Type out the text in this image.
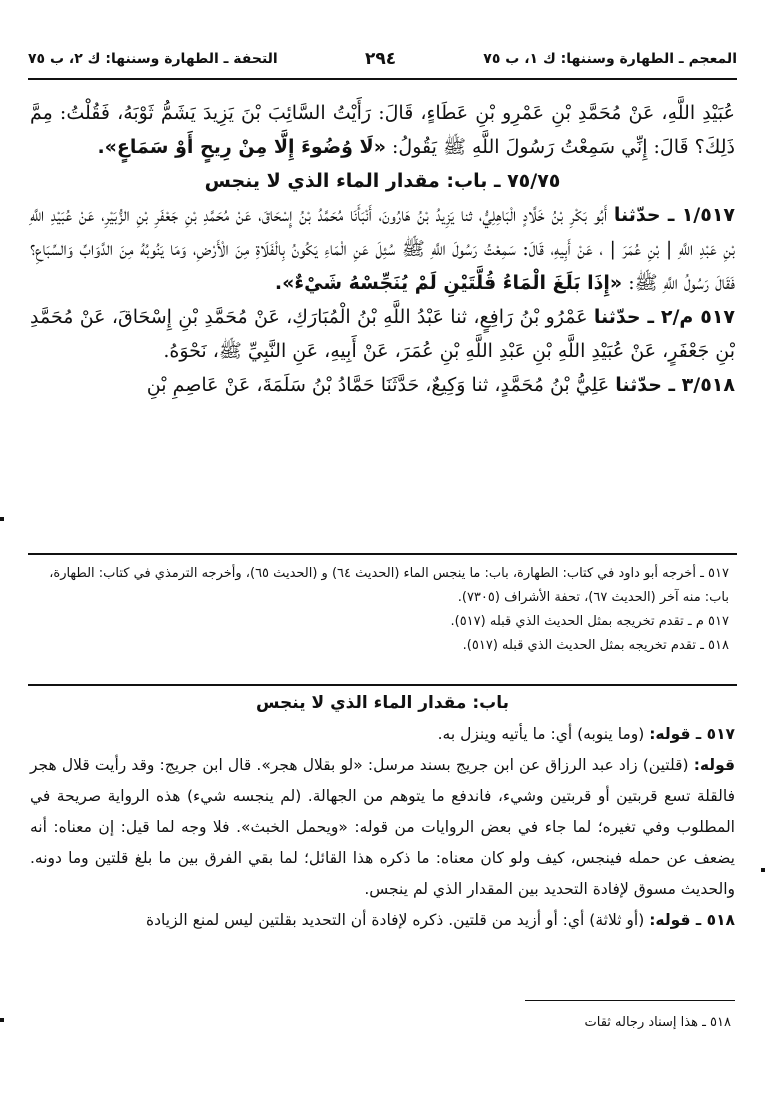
المعجم ـ الطهارة وسننها: ك ١، ب ٧٥
٢٩٤
التحفة ـ الطهارة وسننها: ك ٢، ب ٧٥

عُبَيْدِ اللَّهِ، عَنْ مُحَمَّدِ بْنِ عَمْرِو بْنِ عَطَاءٍ، قَالَ: رَأَيْتُ السَّائِبَ بْنَ يَزِيدَ يَشَمُّ ثَوْبَهُ، فَقُلْتُ: مِمَّ ذَلِكَ؟ قَالَ: إِنِّي سَمِعْتُ رَسُولَ اللَّهِ ﷺ يَقُولُ: «لَا وُضُوءَ إِلَّا مِنْ رِيحٍ أَوْ سَمَاعٍ».

٧٥/٧٥ ـ باب: مقدار الماء الذي لا ينجس

١/٥١٧ ـ حدّثنا أَبُو بَكْرِ بْنُ خَلَّادٍ الْبَاهِلِيُّ، ثنا يَزِيدُ بْنُ هَارُونَ، أَنْبَأَنَا مُحَمَّدُ بْنُ إِسْحَاقَ، عَنْ مُحَمَّدِ بْنِ جَعْفَرِ بْنِ الزُّبَيْرِ، عَنْ عُبَيْدِ اللَّهِ بْنِ عَبْدِ اللَّهِ | بْنِ عُمَرَ | ، عَنْ أَبِيهِ، قَالَ: سَمِعْتُ رَسُولَ اللَّهِ ﷺ سُئِلَ عَنِ الْمَاءِ يَكُونُ بِالْفَلَاةِ مِنَ الْأَرْضِ، وَمَا يَنُوبُهُ مِنَ الدَّوَابِّ وَالسِّبَاعِ؟ فَقَالَ رَسُولُ اللَّهِ ﷺ: «إِذَا بَلَغَ الْمَاءُ قُلَّتَيْنِ لَمْ يُنَجِّسْهُ شَيْءٌ».

٥١٧ م/٢ ـ حدّثنا عَمْرُو بْنُ رَافِعٍ، ثنا عَبْدُ اللَّهِ بْنُ الْمُبَارَكِ، عَنْ مُحَمَّدِ بْنِ إِسْحَاقَ، عَنْ مُحَمَّدِ بْنِ جَعْفَرٍ، عَنْ عُبَيْدِ اللَّهِ بْنِ عَبْدِ اللَّهِ بْنِ عُمَرَ، عَنْ أَبِيهِ، عَنِ النَّبِيِّ ﷺ، نَحْوَهُ.

٣/٥١٨ ـ حدّثنا عَلِيُّ بْنُ مُحَمَّدٍ، ثنا وَكِيعٌ، حَدَّثَنَا حَمَّادُ بْنُ سَلَمَةَ، عَنْ عَاصِمِ بْنِ

٥١٧ ـ أخرجه أبو داود في كتاب: الطهارة، باب: ما ينجس الماء (الحديث ٦٤) و (الحديث ٦٥)، وأخرجه الترمذي في كتاب: الطهارة، باب: منه آخر (الحديث ٦٧)، تحفة الأشراف (٧٣٠٥).

٥١٧ م ـ تقدم تخريجه بمثل الحديث الذي قبله (٥١٧).

٥١٨ ـ تقدم تخريجه بمثل الحديث الذي قبله (٥١٧).

باب: مقدار الماء الذي لا ينجس

٥١٧ ـ قوله: (وما ينوبه) أي: ما يأتيه وينزل به.

قوله: (قلتين) زاد عبد الرزاق عن ابن جريج بسند مرسل: «لو بقلال هجر». قال ابن جريج: وقد رأيت قلال هجر فالقلة تسع قربتين أو قربتين وشيء، فاندفع ما يتوهم من الجهالة. (لم ينجسه شيء) هذه الرواية صريحة في المطلوب وفي تغيره؛ لما جاء في بعض الروايات من قوله: «ويحمل الخبث». فلا وجه لما قيل: إن معناه: أنه يضعف عن حمله فينجس، كيف ولو كان معناه: ما ذكره هذا القائل؛ لما بقي الفرق بين ما بلغ قلتين وما دونه. والحديث مسوق لإفادة التحديد بين المقدار الذي لم ينجس.

٥١٨ ـ قوله: (أو ثلاثة) أي: أو أزيد من قلتين. ذكره لإفادة أن التحديد بقلتين ليس لمنع الزيادة

٥١٨ ـ هذا إسناد رجاله ثقات
